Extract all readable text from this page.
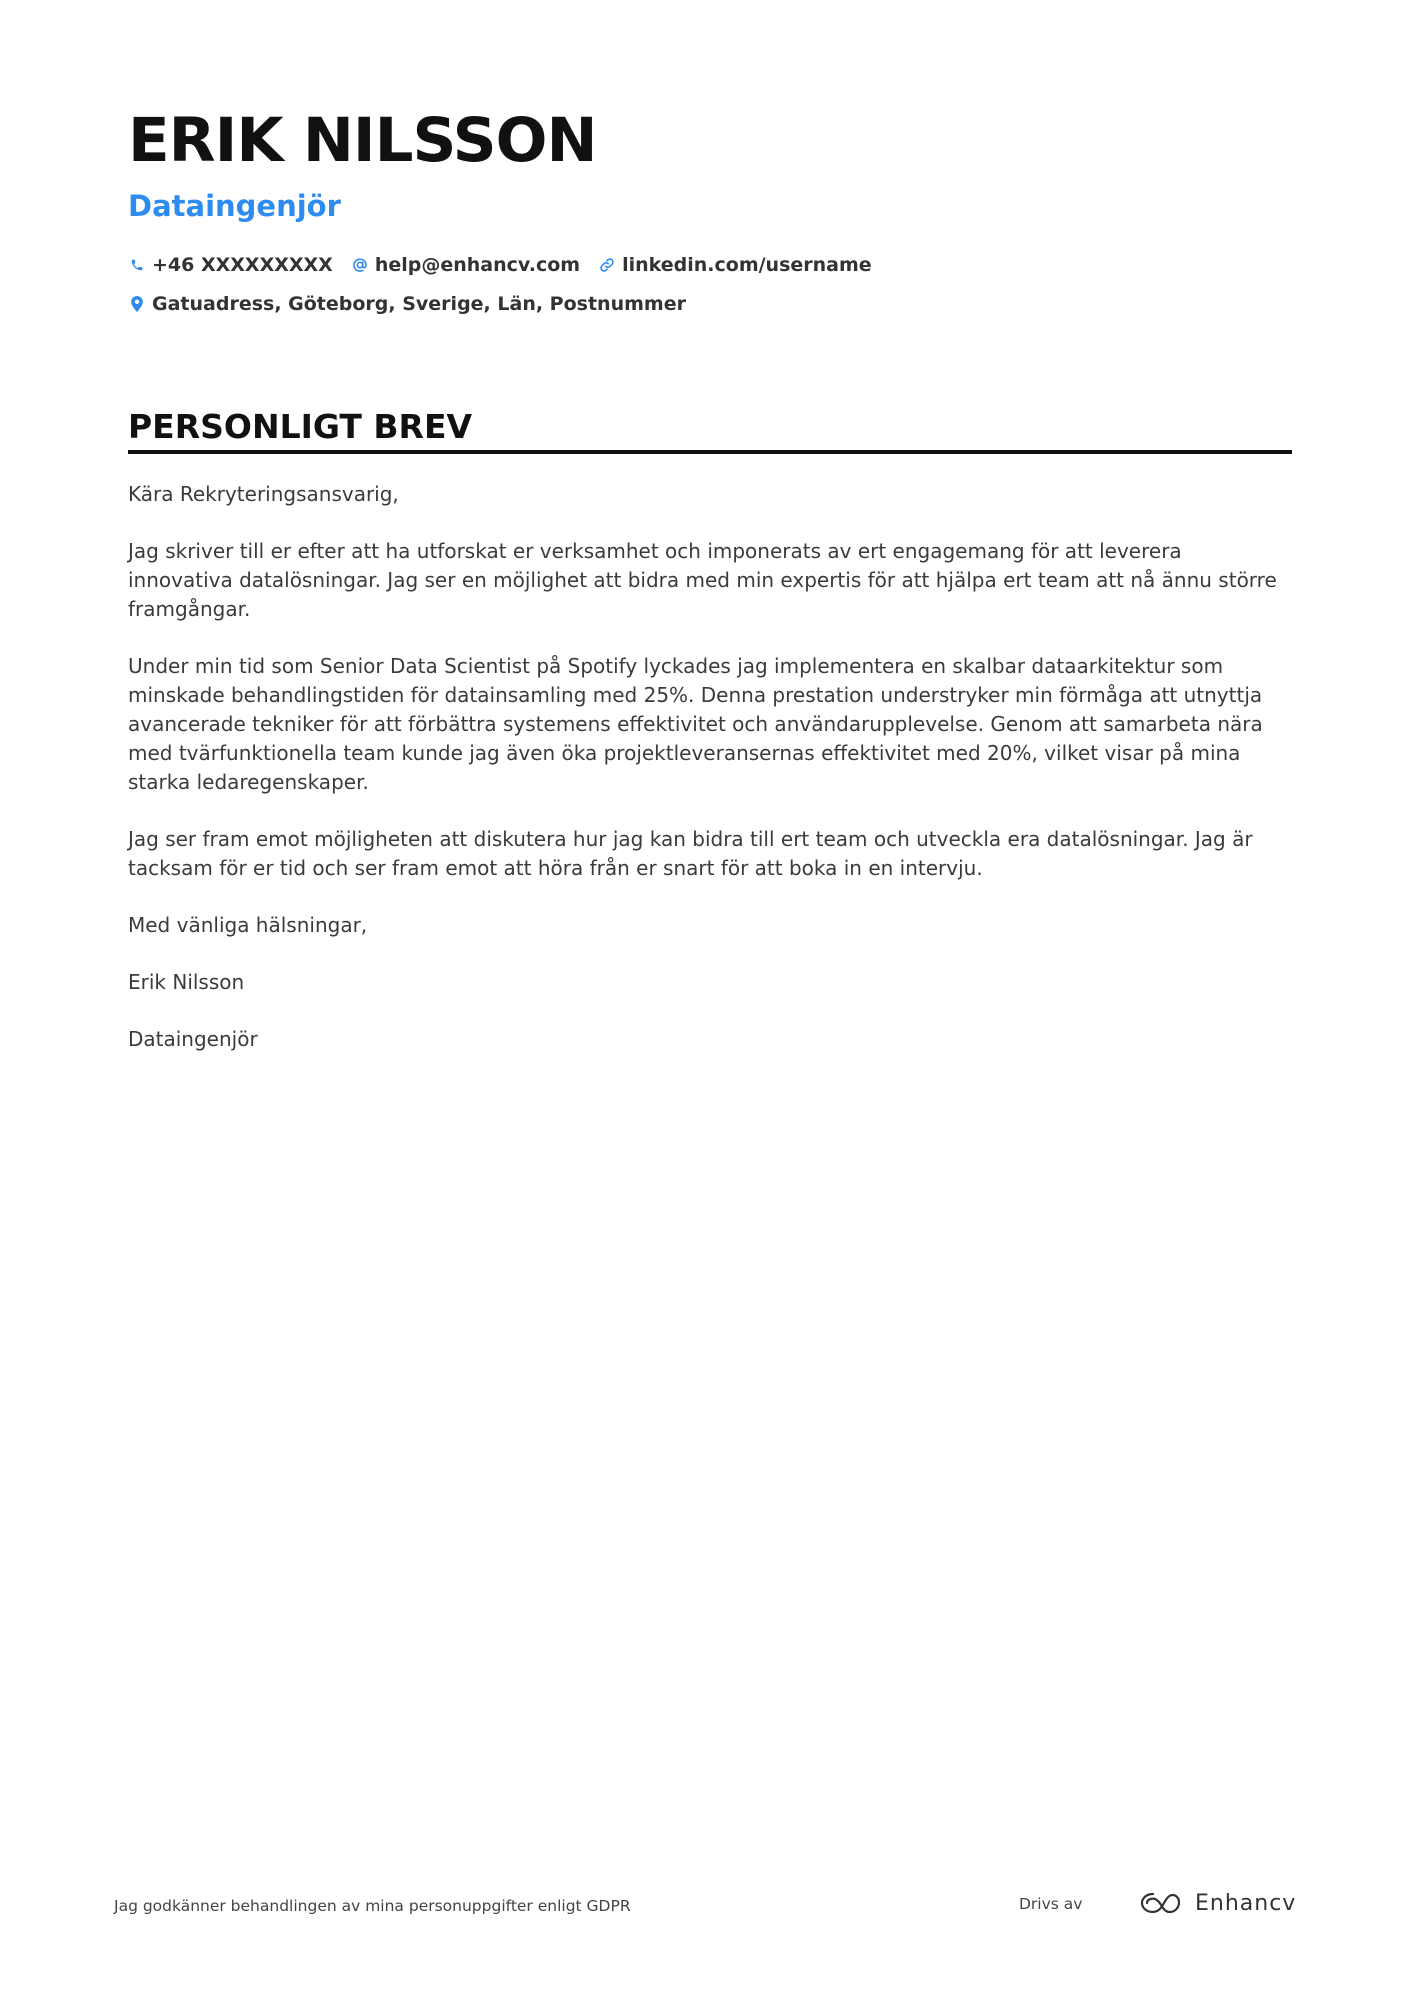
ERIK NILSSON
Dataingenjör
+46 XXXXXXXXX help@enhancv.com linkedin.com/username
Gatuadress, Göteborg, Sverige, Län, Postnummer
PERSONLIGT BREV

Kära Rekryteringsansvarig,

Jag skriver till er efter att ha utforskat er verksamhet och imponerats av ert engagemang för att leverera innovativa datalösningar. Jag ser en möjlighet att bidra med min expertis för att hjälpa ert team att nå ännu större framgångar.

Under min tid som Senior Data Scientist på Spotify lyckades jag implementera en skalbar dataarkitektur som minskade behandlingstiden för datainsamling med 25%. Denna prestation understryker min förmåga att utnyttja avancerade tekniker för att förbättra systemens effektivitet och användarupplevelse. Genom att samarbeta nära med tvärfunktionella team kunde jag även öka projektleveransernas effektivitet med 20%, vilket visar på mina starka ledaregenskaper.

Jag ser fram emot möjligheten att diskutera hur jag kan bidra till ert team och utveckla era datalösningar. Jag är tacksam för er tid och ser fram emot att höra från er snart för att boka in en intervju.

Med vänliga hälsningar,

Erik Nilsson

Dataingenjör

Jag godkänner behandlingen av mina personuppgifter enligt GDPR	Drivs av	Enhancv
